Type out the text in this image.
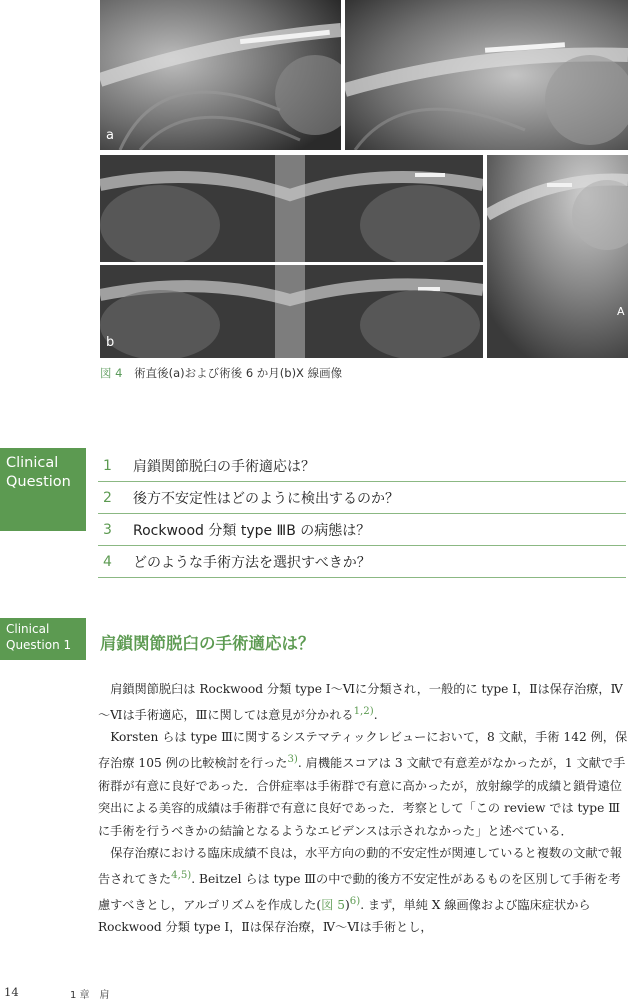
a
A
b
図 4 術直後(a)および術後 6 か月(b)X 線画像
Clinical
Question
1	肩鎖関節脱臼の手術適応は？
2	後方不安定性はどのように検出するのか？
3	Rockwood 分類 type ⅢB の病態は？
4	どのような手術方法を選択すべきか？
Clinical
Question 1 肩鎖関節脱臼の手術適応は？

肩鎖関節脱臼は Rockwood 分類 type Ⅰ～Ⅵに分類され，一般的に type Ⅰ，Ⅱは保存治療，Ⅳ～Ⅵは手術適応，Ⅲに関しては意見が分かれる$^{1,2)}$.

Korsten らは type Ⅲに関するシステマティックレビューにおいて，8 文献，手術 142 例，保存治療 105 例の比較検討を行った$^{3)}$. 肩機能スコアは 3 文献で有意差がなかったが，1 文献で手術群が有意に良好であった．合併症率は手術群で有意に高かったが，放射線学的成績と鎖骨遠位突出による美容的成績は手術群で有意に良好であった．考察として「この review では type Ⅲに手術を行うべきかの結論となるようなエビデンスは示されなかった」と述べている．

保存治療における臨床成績不良は，水平方向の動的不安定性が関連していると複数の文献で報告されてきた$^{4,5)}$. Beitzel らは type Ⅲの中で動的後方不安定性があるものを区別して手術を考慮すべきとし，アルゴリズムを作成した(図 5)$^{6)}$. まず，単純 X 線画像および臨床症状から Rockwood 分類 type Ⅰ，Ⅱは保存治療，Ⅳ～Ⅵは手術とし，

14	1 章　肩
